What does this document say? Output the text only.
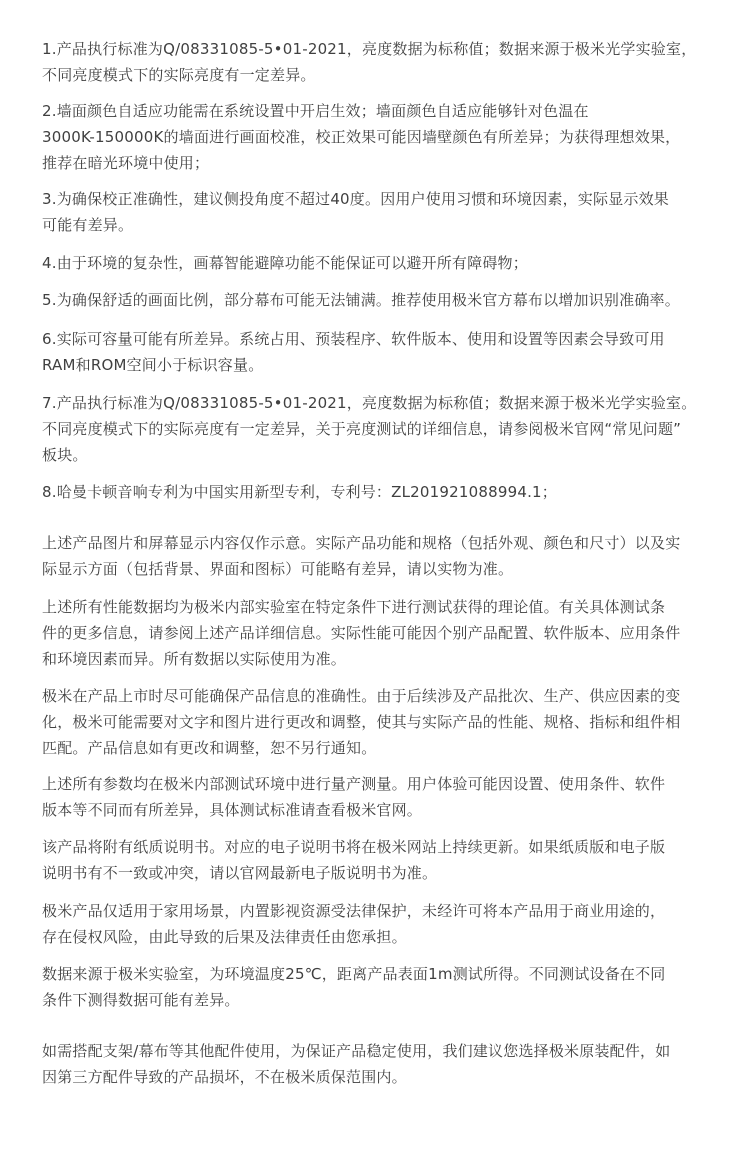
1.产品执行标准为Q/08331085-5•01-2021，亮度数据为标称值；数据来源于极米光学实验室，
不同亮度模式下的实际亮度有一定差异。

2.墙面颜色自适应功能需在系统设置中开启生效；墙面颜色自适应能够针对色温在
3000K-150000K的墙面进行画面校准，校正效果可能因墙壁颜色有所差异；为获得理想效果，
推荐在暗光环境中使用；

3.为确保校正准确性，建议侧投角度不超过40度。因用户使用习惯和环境因素，实际显示效果
可能有差异。

4.由于环境的复杂性，画幕智能避障功能不能保证可以避开所有障碍物；

5.为确保舒适的画面比例，部分幕布可能无法铺满。推荐使用极米官方幕布以增加识别准确率。

6.实际可容量可能有所差异。系统占用、预装程序、软件版本、使用和设置等因素会导致可用
RAM和ROM空间小于标识容量。

7.产品执行标准为Q/08331085-5•01-2021，亮度数据为标称值；数据来源于极米光学实验室。
不同亮度模式下的实际亮度有一定差异，关于亮度测试的详细信息，请参阅极米官网“常见问题”
板块。

8.哈曼卡顿音响专利为中国实用新型专利，专利号：ZL201921088994.1；

上述产品图片和屏幕显示内容仅作示意。实际产品功能和规格（包括外观、颜色和尺寸）以及实
际显示方面（包括背景、界面和图标）可能略有差异，请以实物为准。

上述所有性能数据均为极米内部实验室在特定条件下进行测试获得的理论值。有关具体测试条
件的更多信息，请参阅上述产品详细信息。实际性能可能因个别产品配置、软件版本、应用条件
和环境因素而异。所有数据以实际使用为准。

极米在产品上市时尽可能确保产品信息的准确性。由于后续涉及产品批次、生产、供应因素的变
化，极米可能需要对文字和图片进行更改和调整，使其与实际产品的性能、规格、指标和组件相
匹配。产品信息如有更改和调整，恕不另行通知。

上述所有参数均在极米内部测试环境中进行量产测量。用户体验可能因设置、使用条件、软件
版本等不同而有所差异，具体测试标准请查看极米官网。

该产品将附有纸质说明书。对应的电子说明书将在极米网站上持续更新。如果纸质版和电子版
说明书有不一致或冲突，请以官网最新电子版说明书为准。

极米产品仅适用于家用场景，内置影视资源受法律保护，未经许可将本产品用于商业用途的，
存在侵权风险，由此导致的后果及法律责任由您承担。

数据来源于极米实验室，为环境温度25℃，距离产品表面1m测试所得。不同测试设备在不同
条件下测得数据可能有差异。

如需搭配支架/幕布等其他配件使用，为保证产品稳定使用，我们建议您选择极米原装配件，如
因第三方配件导致的产品损坏，不在极米质保范围内。
